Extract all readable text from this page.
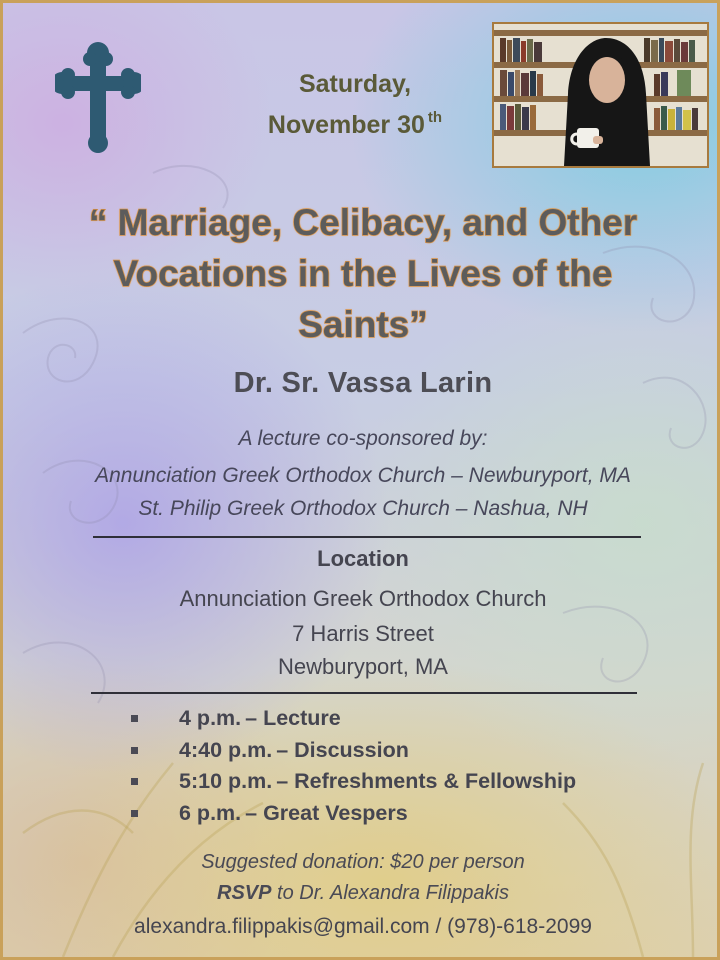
Saturday,
November 30 $^{th}$
“ Marriage, Celibacy, and Other
Vocations in the Lives of the
Saints”
Dr. Sr. Vassa Larin
A lecture co-sponsored by:
Annunciation Greek Orthodox Church – Newburyport, MA
St. Philip Greek Orthodox Church – Nashua, NH
Location
Annunciation Greek Orthodox Church
7 Harris Street
Newburyport, MA
4 p.m. – Lecture
4:40 p.m. – Discussion
5:10 p.m. – Refreshments & Fellowship
6 p.m. – Great Vespers
Suggested donation: $20 per person
RSVP to Dr. Alexandra Filippakis
alexandra.filippakis@gmail.com / (978)-618-2099
